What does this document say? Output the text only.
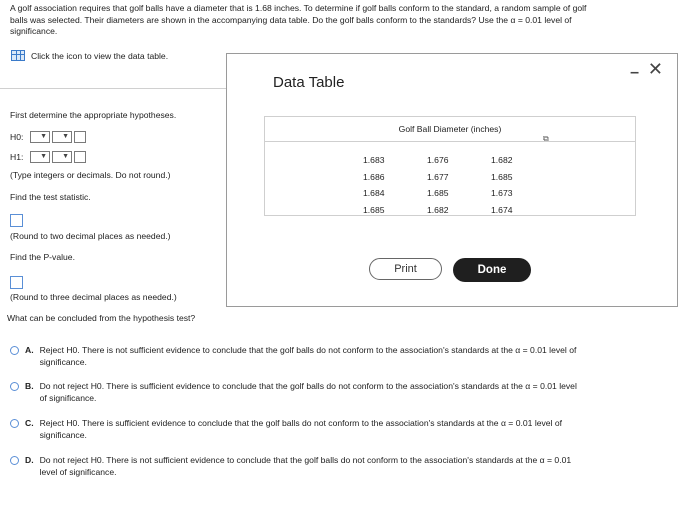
A golf association requires that golf balls have a diameter that is 1.68 inches. To determine if golf balls conform to the standard, a random sample of golf
balls was selected. Their diameters are shown in the accompanying data table. Do the golf balls conform to the standards? Use the α = 0.01 level of
significance.
Click the icon to view the data table.
First determine the appropriate hypotheses.
H0:
▼
▼
H1:
▼
▼
(Type integers or decimals. Do not round.)
Find the test statistic.
(Round to two decimal places as needed.)
Find the P-value.
(Round to three decimal places as needed.)
What can be concluded from the hypothesis test?
Data Table
– ✕
Golf Ball Diameter (inches)
⧉
1.683
1.686
1.684
1.685
1.676
1.677
1.685
1.682
1.682
1.685
1.673
1.674
Print	Done
A. Reject H0. There is not sufficient evidence to conclude that the golf balls do not conform to the association's standards at the α = 0.01 level of
significance.
B. Do not reject H0. There is sufficient evidence to conclude that the golf balls do not conform to the association's standards at the α = 0.01 level
of significance.
C. Reject H0. There is sufficient evidence to conclude that the golf balls do not conform to the association's standards at the α = 0.01 level of
significance.
D. Do not reject H0. There is not sufficient evidence to conclude that the golf balls do not conform to the association's standards at the α = 0.01
level of significance.
